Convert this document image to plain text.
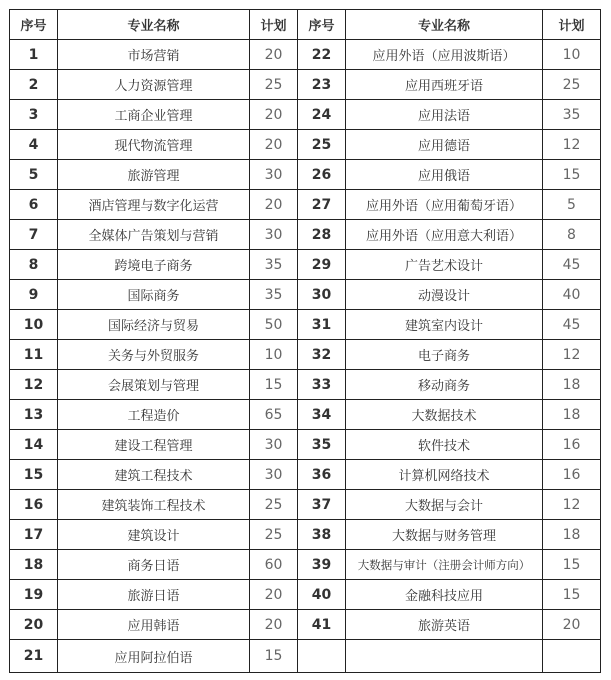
序号	专业名称	计划	序号	专业名称	计划
1	市场营销	20	22	应用外语（应用波斯语）	10
2	人力资源管理	25	23	应用西班牙语	25
3	工商企业管理	20	24	应用法语	35
4	现代物流管理	20	25	应用德语	12
5	旅游管理	30	26	应用俄语	15
6	酒店管理与数字化运营	20	27	应用外语（应用葡萄牙语）	5
7	全媒体广告策划与营销	30	28	应用外语（应用意大利语）	8
8	跨境电子商务	35	29	广告艺术设计	45
9	国际商务	35	30	动漫设计	40
10	国际经济与贸易	50	31	建筑室内设计	45
11	关务与外贸服务	10	32	电子商务	12
12	会展策划与管理	15	33	移动商务	18
13	工程造价	65	34	大数据技术	18
14	建设工程管理	30	35	软件技术	16
15	建筑工程技术	30	36	计算机网络技术	16
16	建筑装饰工程技术	25	37	大数据与会计	12
17	建筑设计	25	38	大数据与财务管理	18
18	商务日语	60	39	大数据与审计（注册会计师方向）	15
19	旅游日语	20	40	金融科技应用	15
20	应用韩语	20	41	旅游英语	20
21	应用阿拉伯语	15			
